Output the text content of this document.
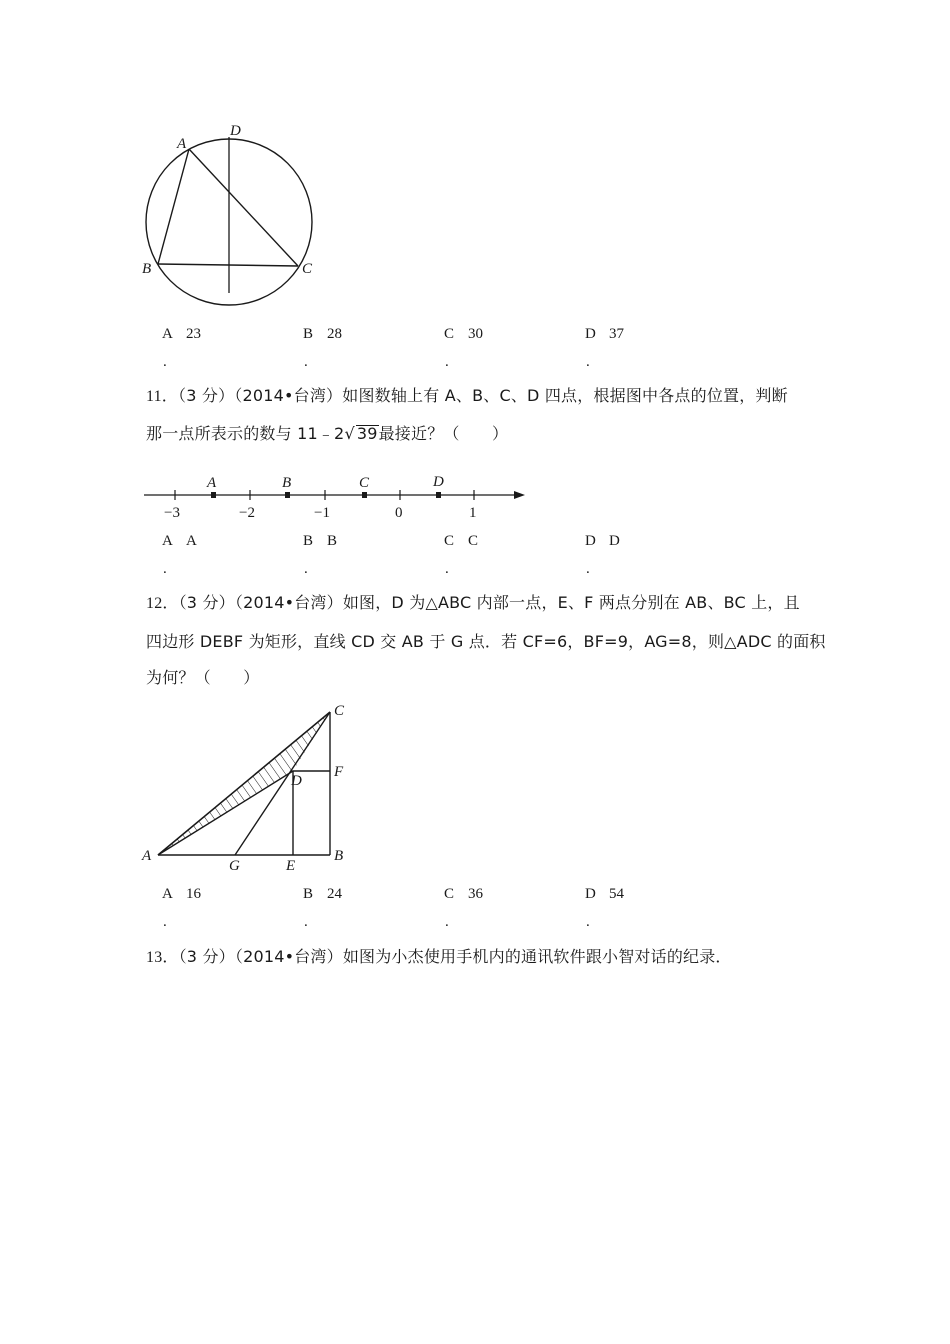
A
D
B	C
A 23	B 28	C 30	D 37
.	.	.	.
11．（3 分）（2014•台湾）如图数轴上有 A、B、C、D 四点，根据图中各点的位置，判断
那一点所表示的数与 11﹣2√ 39最接近？（　　）
A	B	C	D
−3	−2	−1	0	1
A A	B B	C C	D D
.	.	.	.
12．（3 分）（2014•台湾）如图，D 为△ABC 内部一点，E、F 两点分别在 AB、BC 上，且
四边形 DEBF 为矩形，直线 CD 交 AB 于 G 点．若 CF=6，BF=9，AG=8，则△ADC 的面积
为何？（　　）
A	B
C
D
E
F
G
A 16	B 24	C 36	D 54
.	.	.	.
13．（3 分）（2014•台湾）如图为小杰使用手机内的通讯软件跟小智对话的纪录．
